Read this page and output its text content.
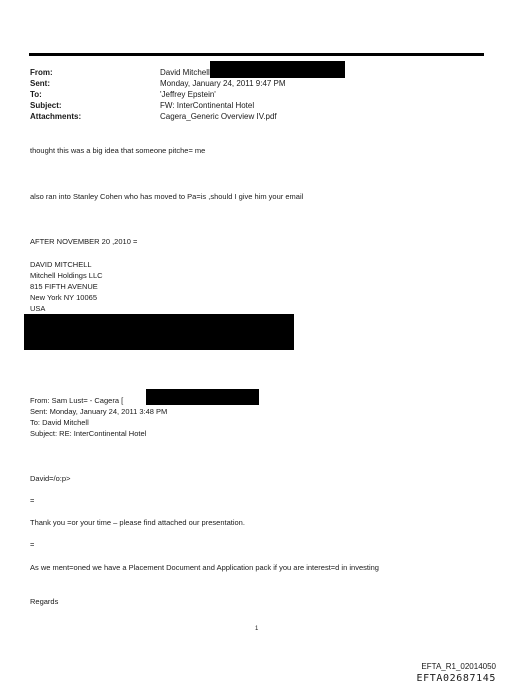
From:	David Mitchell
Sent:	Monday, January 24, 2011 9:47 PM
To:	'Jeffrey Epstein'
Subject:	FW: InterContinental Hotel
Attachments:	Cagera_Generic Overview IV.pdf
thought this was a big idea that someone pitche= me
also ran into Stanley Cohen who has moved to Pa=is ,should I give him your email
AFTER NOVEMBER 20 ,2010 =
DAVID MITCHELL
Mitchell Holdings LLC
815 FIFTH AVENUE
New York NY 10065
USA
From: Sam Lust= - Cagera [
Sent: Monday, January 24, 2011 3:48 PM
To: David Mitchell
Subject: RE: InterContinental Hotel
David=/o:p>
=
Thank you =or your time – please find attached our presentation.
=
As we ment=oned we have a Placement Document and Application pack if you are interest=d in investing
Regards
1
EFTA_R1_02014050
EFTA02687145
